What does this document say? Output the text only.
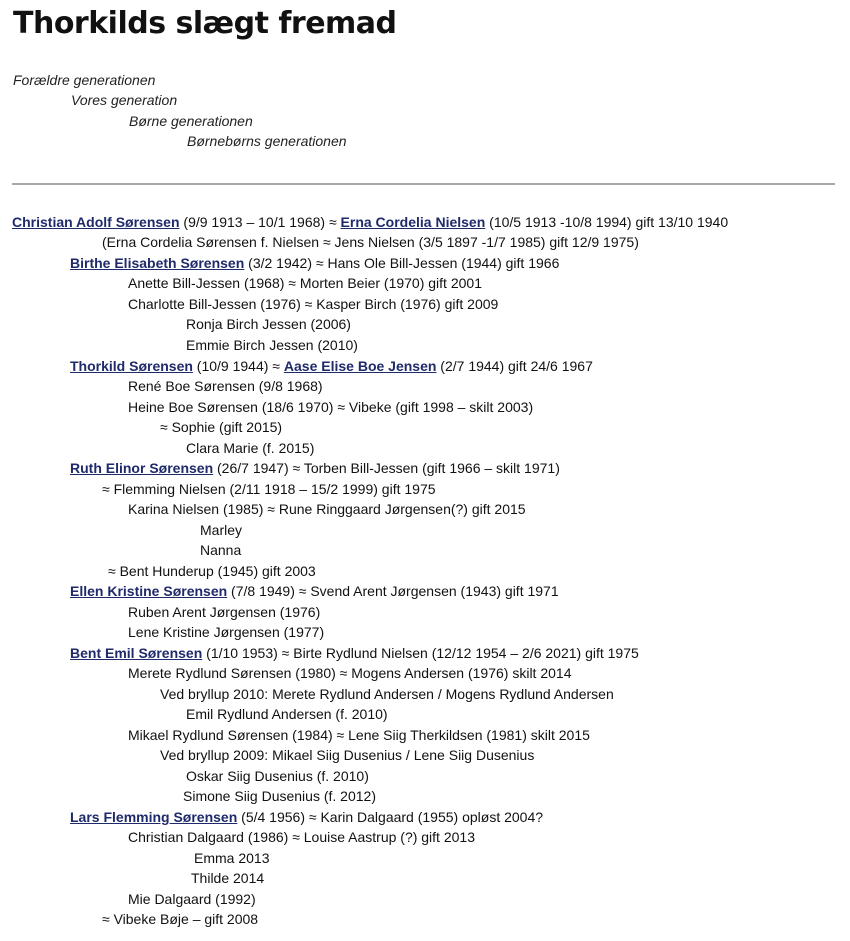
Thorkilds slægt fremad
Forældre generationen
Vores generation
Børne generationen
Børnebørns generationen
Christian Adolf Sørensen (9/9 1913 – 10/1 1968) ≈ Erna Cordelia Nielsen (10/5 1913 -10/8 1994) gift 13/10 1940
(Erna Cordelia Sørensen f. Nielsen ≈ Jens Nielsen (3/5 1897 -1/7 1985) gift 12/9 1975)
Birthe Elisabeth Sørensen (3/2 1942) ≈ Hans Ole Bill-Jessen (1944) gift 1966
Anette Bill-Jessen (1968) ≈ Morten Beier (1970) gift 2001
Charlotte Bill-Jessen (1976) ≈ Kasper Birch (1976) gift 2009
Ronja Birch Jessen (2006)
Emmie Birch Jessen (2010)
Thorkild Sørensen (10/9 1944) ≈ Aase Elise Boe Jensen (2/7 1944) gift 24/6 1967
René Boe Sørensen (9/8 1968)
Heine Boe Sørensen (18/6 1970) ≈ Vibeke (gift 1998 – skilt 2003)
≈ Sophie (gift 2015)
Clara Marie (f. 2015)
Ruth Elinor Sørensen (26/7 1947) ≈ Torben Bill-Jessen (gift 1966 – skilt 1971)
≈ Flemming Nielsen (2/11 1918 – 15/2 1999) gift 1975
Karina Nielsen (1985) ≈ Rune Ringgaard Jørgensen(?) gift 2015
Marley
Nanna
≈ Bent Hunderup (1945) gift 2003
Ellen Kristine Sørensen (7/8 1949) ≈ Svend Arent Jørgensen (1943) gift 1971
Ruben Arent Jørgensen (1976)
Lene Kristine Jørgensen (1977)
Bent Emil Sørensen (1/10 1953) ≈ Birte Rydlund Nielsen (12/12 1954 – 2/6 2021) gift 1975
Merete Rydlund Sørensen (1980) ≈ Mogens Andersen (1976) skilt 2014
Ved bryllup 2010: Merete Rydlund Andersen / Mogens Rydlund Andersen
Emil Rydlund Andersen (f. 2010)
Mikael Rydlund Sørensen (1984) ≈ Lene Siig Therkildsen (1981) skilt 2015
Ved bryllup 2009: Mikael Siig Dusenius / Lene Siig Dusenius
Oskar Siig Dusenius (f. 2010)
Simone Siig Dusenius (f. 2012)
Lars Flemming Sørensen (5/4 1956) ≈ Karin Dalgaard (1955) opløst 2004?
Christian Dalgaard (1986) ≈ Louise Aastrup (?) gift 2013
Emma 2013
Thilde 2014
Mie Dalgaard (1992)
≈ Vibeke Bøje – gift 2008
